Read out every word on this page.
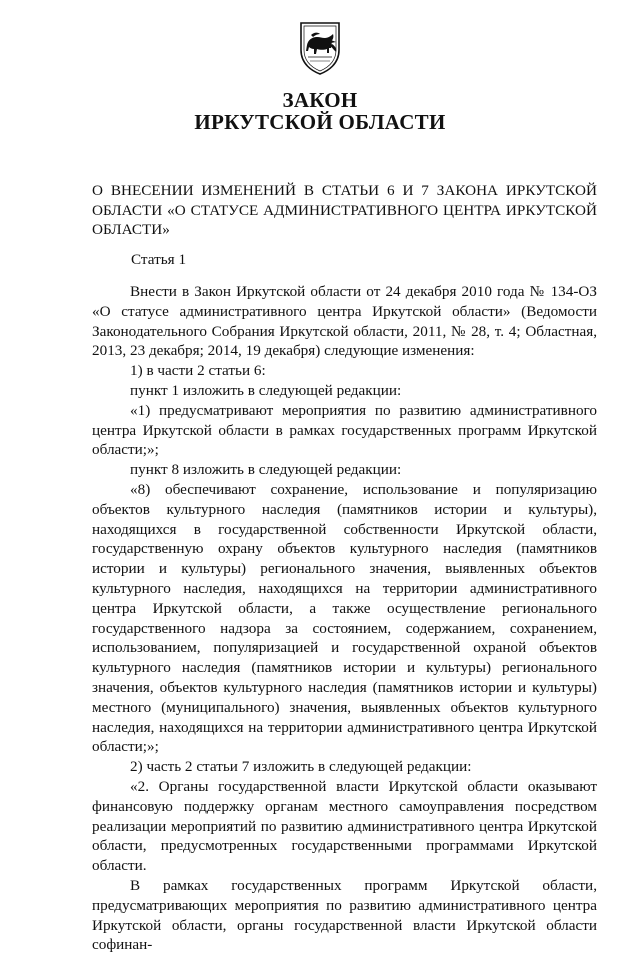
ЗАКОН
ИРКУТСКОЙ ОБЛАСТИ
О ВНЕСЕНИИ ИЗМЕНЕНИЙ В СТАТЬИ 6 И 7 ЗАКОНА ИРКУТСКОЙ ОБЛАСТИ «О СТАТУСЕ АДМИНИСТРАТИВНОГО ЦЕНТРА ИРКУТСКОЙ ОБЛАСТИ»
Статья 1

Внести в Закон Иркутской области от 24 декабря 2010 года № 134-ОЗ «О статусе административного центра Иркутской области» (Ведомости Законодательного Собрания Иркутской области, 2011, № 28, т. 4; Областная, 2013, 23 декабря; 2014, 19 декабря) следующие изменения:

1) в части 2 статьи 6:

пункт 1 изложить в следующей редакции:

«1) предусматривают мероприятия по развитию административного центра Иркутской области в рамках государственных программ Иркутской области;»;

пункт 8 изложить в следующей редакции:

«8) обеспечивают сохранение, использование и популяризацию объектов культурного наследия (памятников истории и культуры), находящихся в государственной собственности Иркутской области, государственную охрану объектов культурного наследия (памятников истории и культуры) регионального значения, выявленных объектов культурного наследия, находящихся на территории административного центра Иркутской области, а также осуществление регионального государственного надзора за состоянием, содержанием, сохранением, использованием, популяризацией и государственной охраной объектов культурного наследия (памятников истории и культуры) регионального значения, объектов культурного наследия (памятников истории и культуры) местного (муниципального) значения, выявленных объектов культурного наследия, находящихся на территории административного центра Иркутской области;»;

2) часть 2 статьи 7 изложить в следующей редакции:

«2. Органы государственной власти Иркутской области оказывают финансовую поддержку органам местного самоуправления посредством реализации мероприятий по развитию административного центра Иркутской области, предусмотренных государственными программами Иркутской области.

В рамках государственных программ Иркутской области, предусматривающих мероприятия по развитию административного центра Иркутской области, органы государственной власти Иркутской области софинан-
